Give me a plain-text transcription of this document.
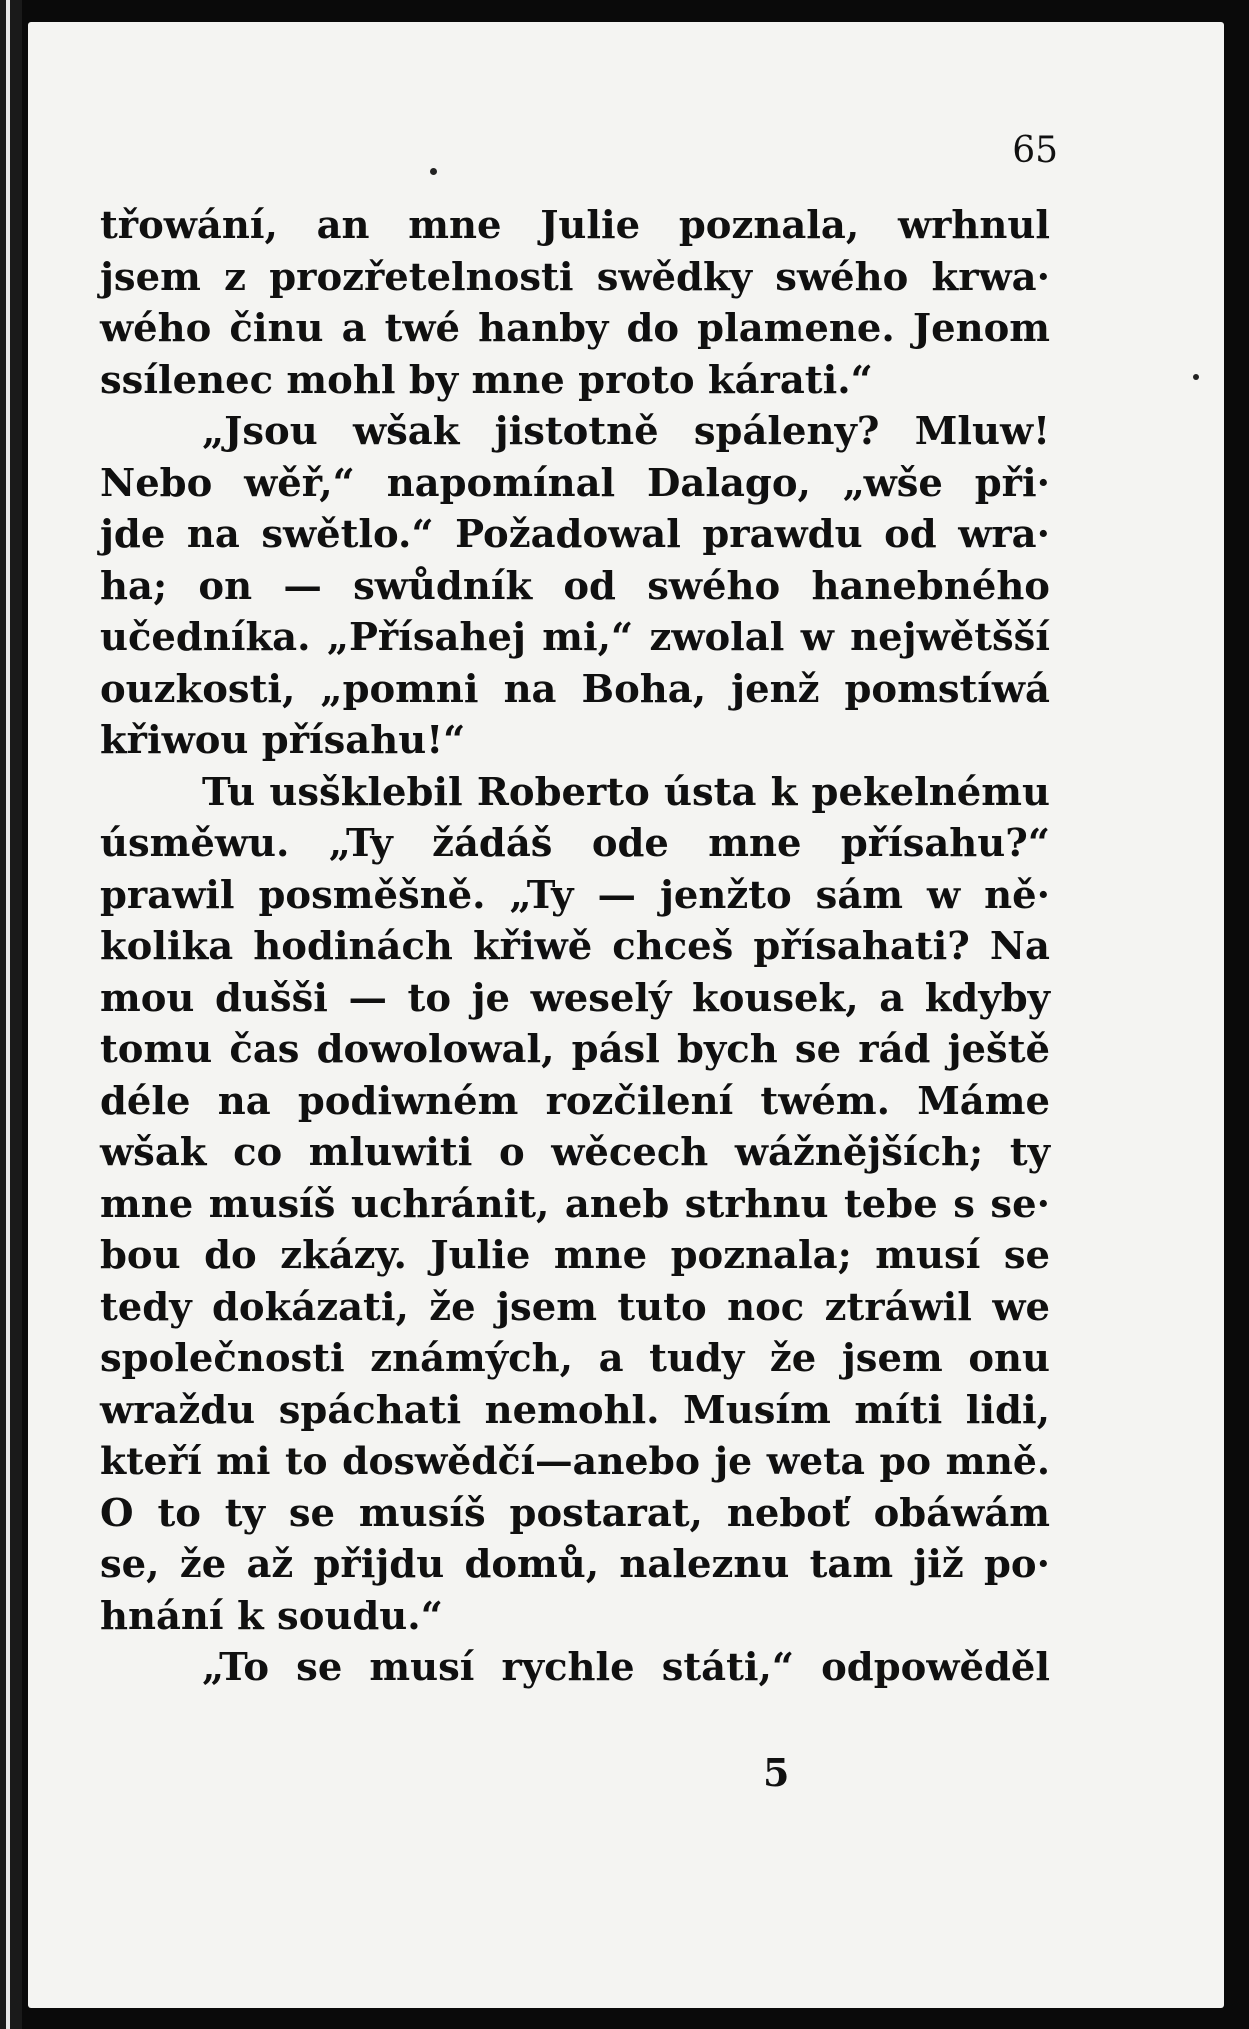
65
třowání, an mne Julie poznala, wrhnul
jsem z prozřetelnosti swědky swého krwa·
wého činu a twé hanby do plamene. Jenom
ssílenec mohl by mne proto kárati.“
„Jsou wšak jistotně spáleny? Mluw!
Nebo wěř,“ napomínal Dalago, „wše při·
jde na swětlo.“ Požadowal prawdu od wra·
ha; on — swůdník od swého hanebného
učedníka. „Přísahej mi,“ zwolal w nejwětšší
ouzkosti, „pomni na Boha, jenž pomstíwá
křiwou přísahu!“
Tu usšklebil Roberto ústa k pekelnému
úsměwu. „Ty žádáš ode mne přísahu?“
prawil posměšně. „Ty — jenžto sám w ně·
kolika hodinách křiwě chceš přísahati? Na
mou dušši — to je weselý kousek, a kdyby
tomu čas dowolowal, pásl bych se rád ještě
déle na podiwném rozčilení twém. Máme
wšak co mluwiti o wěcech wážnějších; ty
mne musíš uchránit, aneb strhnu tebe s se·
bou do zkázy. Julie mne poznala; musí se
tedy dokázati, že jsem tuto noc ztráwil we
společnosti známých, a tudy že jsem onu
wraždu spáchati nemohl. Musím míti lidi,
kteří mi to doswědčí—anebo je weta po mně.
O to ty se musíš postarat, neboť obáwám
se, že až přijdu domů, naleznu tam již po·
hnání k soudu.“
„To se musí rychle státi,“ odpowěděl
5
